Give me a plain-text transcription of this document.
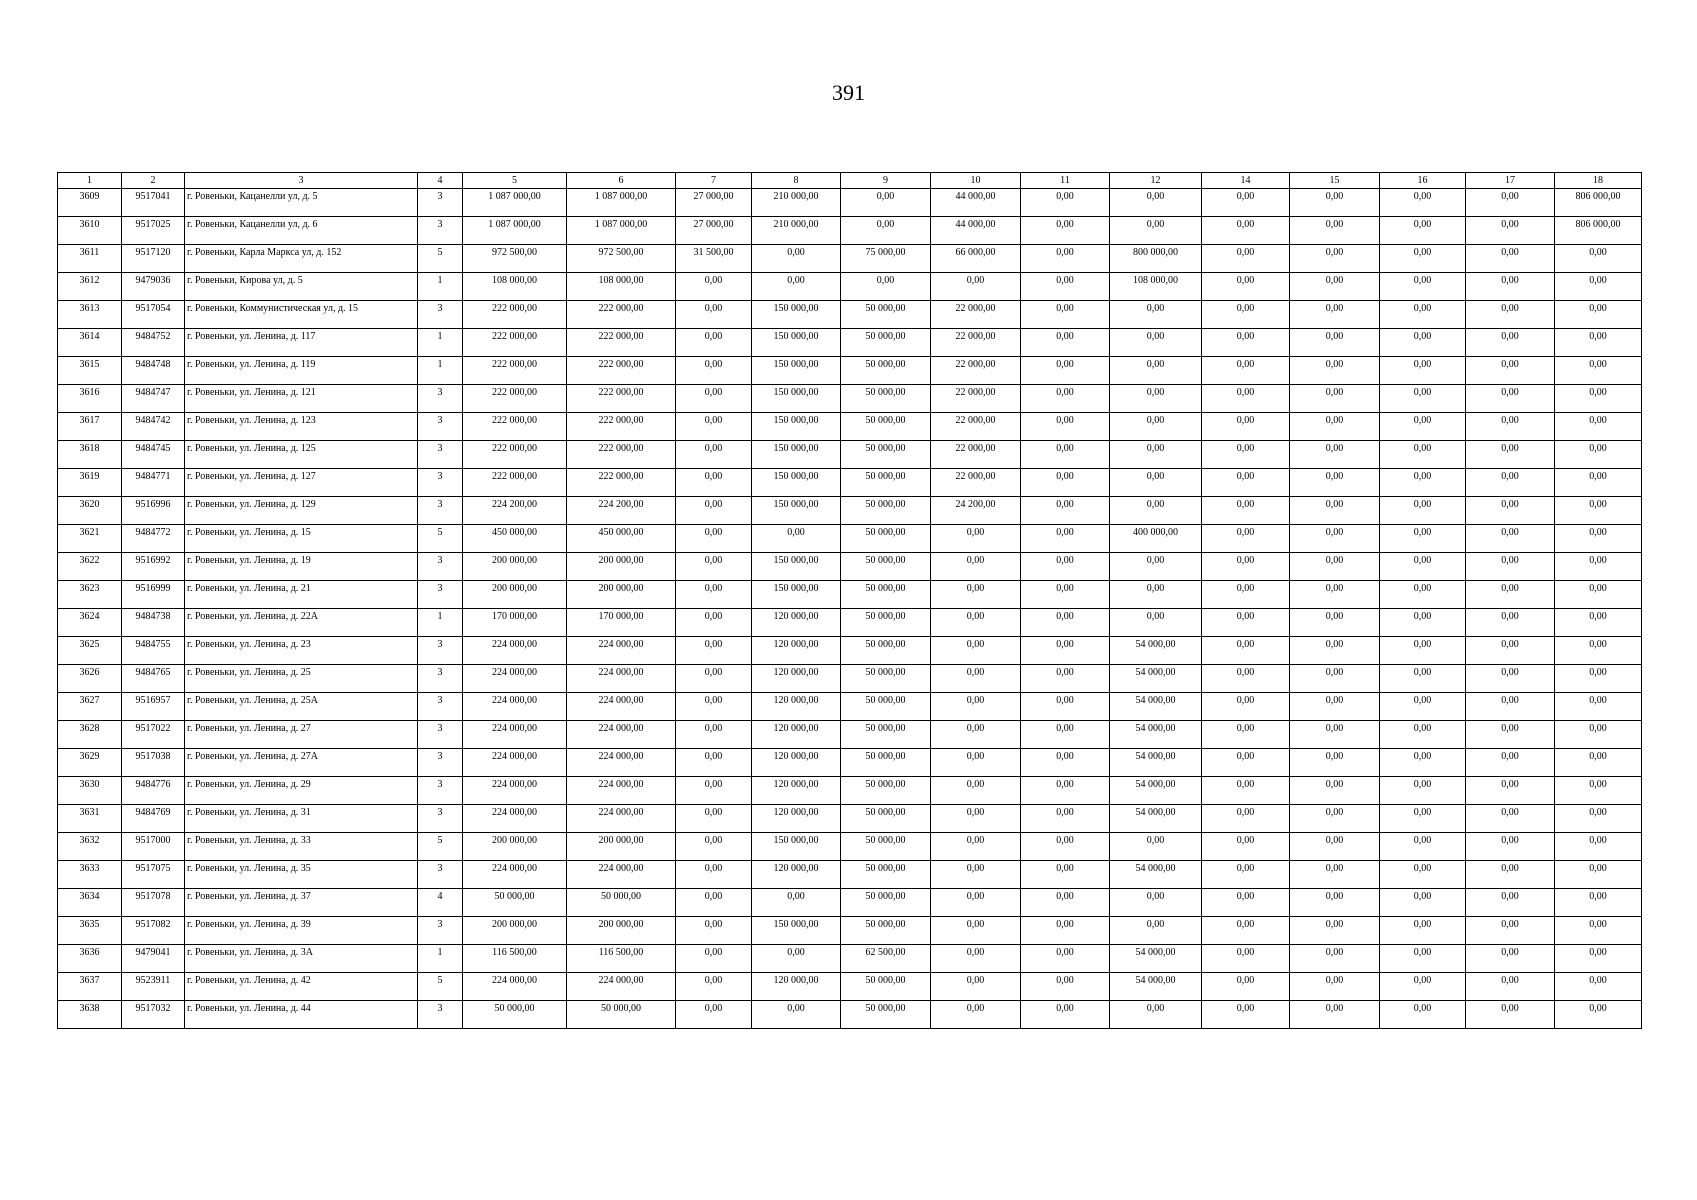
391
1	2	3	4	5	6	7	8	9	10	11	12	14	15	16	17	18
3609	9517041	г. Ровеньки, Кацанелли ул, д. 5	3	1 087 000,00	1 087 000,00	27 000,00	210 000,00	0,00	44 000,00	0,00	0,00	0,00	0,00	0,00	0,00	806 000,00
3610	9517025	г. Ровеньки, Кацанелли ул, д. 6	3	1 087 000,00	1 087 000,00	27 000,00	210 000,00	0,00	44 000,00	0,00	0,00	0,00	0,00	0,00	0,00	806 000,00
3611	9517120	г. Ровеньки, Карла Маркса ул, д. 152	5	972 500,00	972 500,00	31 500,00	0,00	75 000,00	66 000,00	0,00	800 000,00	0,00	0,00	0,00	0,00	0,00
3612	9479036	г. Ровеньки, Кирова ул, д. 5	1	108 000,00	108 000,00	0,00	0,00	0,00	0,00	0,00	108 000,00	0,00	0,00	0,00	0,00	0,00
3613	9517054	г. Ровеньки, Коммунистическая ул, д. 15	3	222 000,00	222 000,00	0,00	150 000,00	50 000,00	22 000,00	0,00	0,00	0,00	0,00	0,00	0,00	0,00
3614	9484752	г. Ровеньки, ул. Ленина, д. 117	1	222 000,00	222 000,00	0,00	150 000,00	50 000,00	22 000,00	0,00	0,00	0,00	0,00	0,00	0,00	0,00
3615	9484748	г. Ровеньки, ул. Ленина, д. 119	1	222 000,00	222 000,00	0,00	150 000,00	50 000,00	22 000,00	0,00	0,00	0,00	0,00	0,00	0,00	0,00
3616	9484747	г. Ровеньки, ул. Ленина, д. 121	3	222 000,00	222 000,00	0,00	150 000,00	50 000,00	22 000,00	0,00	0,00	0,00	0,00	0,00	0,00	0,00
3617	9484742	г. Ровеньки, ул. Ленина, д. 123	3	222 000,00	222 000,00	0,00	150 000,00	50 000,00	22 000,00	0,00	0,00	0,00	0,00	0,00	0,00	0,00
3618	9484745	г. Ровеньки, ул. Ленина, д. 125	3	222 000,00	222 000,00	0,00	150 000,00	50 000,00	22 000,00	0,00	0,00	0,00	0,00	0,00	0,00	0,00
3619	9484771	г. Ровеньки, ул. Ленина, д. 127	3	222 000,00	222 000,00	0,00	150 000,00	50 000,00	22 000,00	0,00	0,00	0,00	0,00	0,00	0,00	0,00
3620	9516996	г. Ровеньки, ул. Ленина, д. 129	3	224 200,00	224 200,00	0,00	150 000,00	50 000,00	24 200,00	0,00	0,00	0,00	0,00	0,00	0,00	0,00
3621	9484772	г. Ровеньки, ул. Ленина, д. 15	5	450 000,00	450 000,00	0,00	0,00	50 000,00	0,00	0,00	400 000,00	0,00	0,00	0,00	0,00	0,00
3622	9516992	г. Ровеньки, ул. Ленина, д. 19	3	200 000,00	200 000,00	0,00	150 000,00	50 000,00	0,00	0,00	0,00	0,00	0,00	0,00	0,00	0,00
3623	9516999	г. Ровеньки, ул. Ленина, д. 21	3	200 000,00	200 000,00	0,00	150 000,00	50 000,00	0,00	0,00	0,00	0,00	0,00	0,00	0,00	0,00
3624	9484738	г. Ровеньки, ул. Ленина, д. 22А	1	170 000,00	170 000,00	0,00	120 000,00	50 000,00	0,00	0,00	0,00	0,00	0,00	0,00	0,00	0,00
3625	9484755	г. Ровеньки, ул. Ленина, д. 23	3	224 000,00	224 000,00	0,00	120 000,00	50 000,00	0,00	0,00	54 000,00	0,00	0,00	0,00	0,00	0,00
3626	9484765	г. Ровеньки, ул. Ленина, д. 25	3	224 000,00	224 000,00	0,00	120 000,00	50 000,00	0,00	0,00	54 000,00	0,00	0,00	0,00	0,00	0,00
3627	9516957	г. Ровеньки, ул. Ленина, д. 25А	3	224 000,00	224 000,00	0,00	120 000,00	50 000,00	0,00	0,00	54 000,00	0,00	0,00	0,00	0,00	0,00
3628	9517022	г. Ровеньки, ул. Ленина, д. 27	3	224 000,00	224 000,00	0,00	120 000,00	50 000,00	0,00	0,00	54 000,00	0,00	0,00	0,00	0,00	0,00
3629	9517038	г. Ровеньки, ул. Ленина, д. 27А	3	224 000,00	224 000,00	0,00	120 000,00	50 000,00	0,00	0,00	54 000,00	0,00	0,00	0,00	0,00	0,00
3630	9484776	г. Ровеньки, ул. Ленина, д. 29	3	224 000,00	224 000,00	0,00	120 000,00	50 000,00	0,00	0,00	54 000,00	0,00	0,00	0,00	0,00	0,00
3631	9484769	г. Ровеньки, ул. Ленина, д. 31	3	224 000,00	224 000,00	0,00	120 000,00	50 000,00	0,00	0,00	54 000,00	0,00	0,00	0,00	0,00	0,00
3632	9517000	г. Ровеньки, ул. Ленина, д. 33	5	200 000,00	200 000,00	0,00	150 000,00	50 000,00	0,00	0,00	0,00	0,00	0,00	0,00	0,00	0,00
3633	9517075	г. Ровеньки, ул. Ленина, д. 35	3	224 000,00	224 000,00	0,00	120 000,00	50 000,00	0,00	0,00	54 000,00	0,00	0,00	0,00	0,00	0,00
3634	9517078	г. Ровеньки, ул. Ленина, д. 37	4	50 000,00	50 000,00	0,00	0,00	50 000,00	0,00	0,00	0,00	0,00	0,00	0,00	0,00	0,00
3635	9517082	г. Ровеньки, ул. Ленина, д. 39	3	200 000,00	200 000,00	0,00	150 000,00	50 000,00	0,00	0,00	0,00	0,00	0,00	0,00	0,00	0,00
3636	9479041	г. Ровеньки, ул. Ленина, д. 3А	1	116 500,00	116 500,00	0,00	0,00	62 500,00	0,00	0,00	54 000,00	0,00	0,00	0,00	0,00	0,00
3637	9523911	г. Ровеньки, ул. Ленина, д. 42	5	224 000,00	224 000,00	0,00	120 000,00	50 000,00	0,00	0,00	54 000,00	0,00	0,00	0,00	0,00	0,00
3638	9517032	г. Ровеньки, ул. Ленина, д. 44	3	50 000,00	50 000,00	0,00	0,00	50 000,00	0,00	0,00	0,00	0,00	0,00	0,00	0,00	0,00
